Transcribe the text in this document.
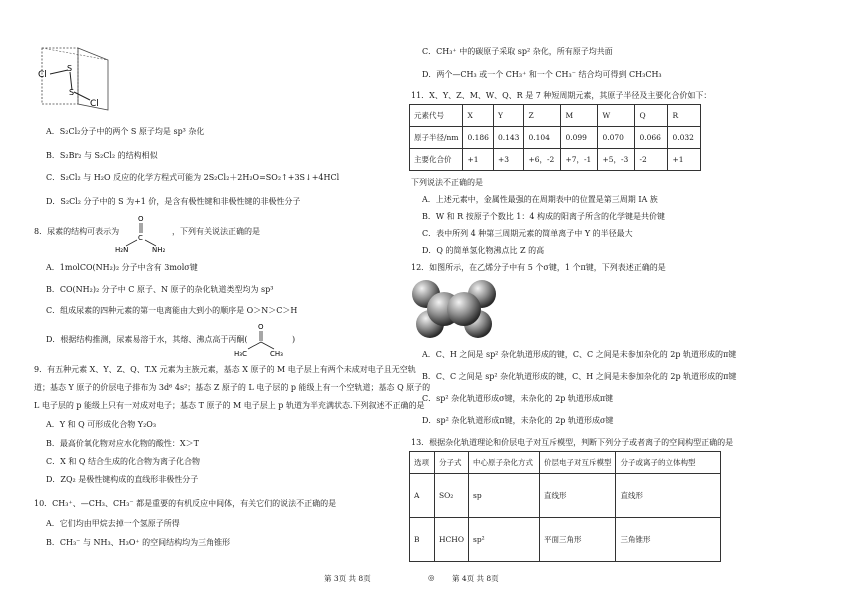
Cl
S
S
Cl
A．S₂Cl₂分子中的两个 S 原子均是 sp³ 杂化
B．S₂Br₂ 与 S₂Cl₂ 的结构相似
C．S₂Cl₂ 与 H₂O 反应的化学方程式可能为 2S₂Cl₂＋2H₂O=SO₂↑+3S↓+4HCl
D．S₂Cl₂ 分子中的 S 为+1 价，是含有极性键和非极性键的非极性分子
8．尿素的结构可表示为
O
C
H₂N	NH₂
，下列有关说法正确的是
A．1molCO(NH₂)₂ 分子中含有 3molσ键
B．CO(NH₂)₂ 分子中 C 原子、N 原子的杂化轨道类型均为 sp³
C．组成尿素的四种元素的第一电离能由大到小的顺序是 O＞N＞C＞H
D．根据结构推测，尿素易溶于水，其熔、沸点高于丙酮(
O
H₃C	CH₃
)
9．有五种元素 X、Y、Z、Q、T.X 元素为主族元素，基态 X 原子的 M 电子层上有两个未成对电子且无空轨
道；基态 Y 原子的价层电子排布为 3d⁶ 4s²；基态 Z 原子的 L 电子层的 p 能级上有一个空轨道；基态 Q 原子的
L 电子层的 p 能级上只有一对成对电子；基态 T 原子的 M 电子层上 p 轨道为半充满状态.下列叙述不正确的是
A．Y 和 Q 可形成化合物 Y₂O₃
B．最高价氧化物对应水化物的酸性：X＞T
C．X 和 Q 结合生成的化合物为离子化合物
D．ZQ₂ 是极性键构成的直线形非极性分子
10．CH₃⁺、—CH₃、CH₃⁻ 都是重要的有机反应中间体，有关它们的说法不正确的是
A．它们均由甲烷去掉一个氢原子所得
B．CH₃⁻ 与 NH₃、H₃O⁺ 的空间结构均为三角锥形
C．CH₃⁺ 中的碳原子采取 sp² 杂化，所有原子均共面
D．两个—CH₃ 或一个 CH₃⁺ 和一个 CH₃⁻ 结合均可得到 CH₃CH₃
11．X、Y、Z、M、W、Q、R 是 7 种短周期元素，其原子半径及主要化合价如下：
元素代号	X	Y	Z	M	W	Q	R
原子半径/nm	0.186	0.143	0.104	0.099	0.070	0.066	0.032
主要化合价	+1	+3	+6，-2	+7，-1	+5，-3	-2	+1
下列说法不正确的是
A．上述元素中，金属性最强的在周期表中的位置是第三周期 IA 族
B．W 和 R 按原子个数比 1：4 构成的阳离子所含的化学键是共价键
C．表中所列 4 种第三周期元素的简单离子中 Y 的半径最大
D．Q 的简单氢化物沸点比 Z 的高
12．如图所示，在乙烯分子中有 5 个σ键，1 个π键，下列表述正确的是
A．C、H 之间是 sp² 杂化轨道形成的键，C、C 之间是未参加杂化的 2p 轨道形成的π键
B．C、C 之间是 sp² 杂化轨道形成的键，C、H 之间是未参加杂化的 2p 轨道形成的π键
C．sp² 杂化轨道形成σ键，未杂化的 2p 轨道形成π键
D．sp² 杂化轨道形成π键，未杂化的 2p 轨道形成σ键
13．根据杂化轨道理论和价层电子对互斥模型，判断下列分子或者离子的空间构型正确的是
选项	分子式	中心原子杂化方式	价层电子对互斥模型	分子或离子的立体构型
A	SO₂	sp	直线形	直线形
B	HCHO	sp²	平面三角形	三角锥形
第 3页 共 8页	◎ 第 4页 共 8页
